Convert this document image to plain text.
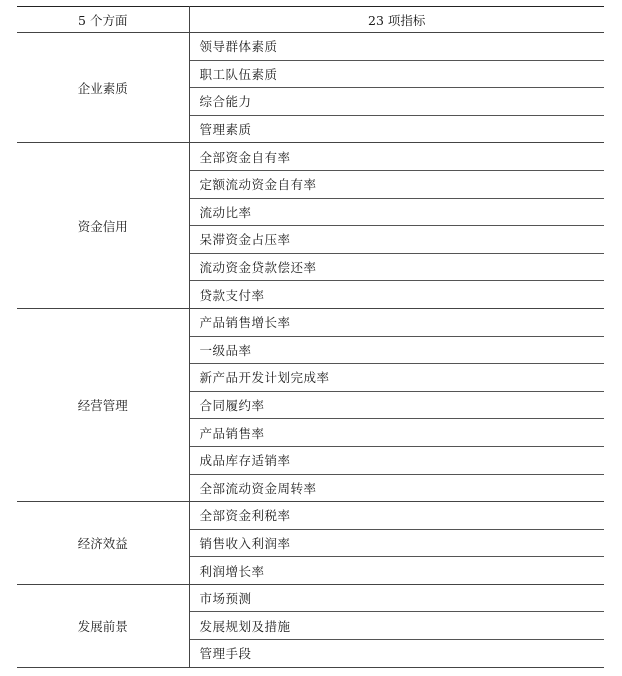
5 个方面	23 项指标
企业素质	领导群体素质
	职工队伍素质
	综合能力
	管理素质
资金信用	全部资金自有率
	定额流动资金自有率
	流动比率
	呆滞资金占压率
	流动资金贷款偿还率
	贷款支付率
经营管理	产品销售增长率
	一级品率
	新产品开发计划完成率
	合同履约率
	产品销售率
	成品库存适销率
	全部流动资金周转率
经济效益	全部资金利税率
	销售收入利润率
	利润增长率
发展前景	市场预测
	发展规划及措施
	管理手段
